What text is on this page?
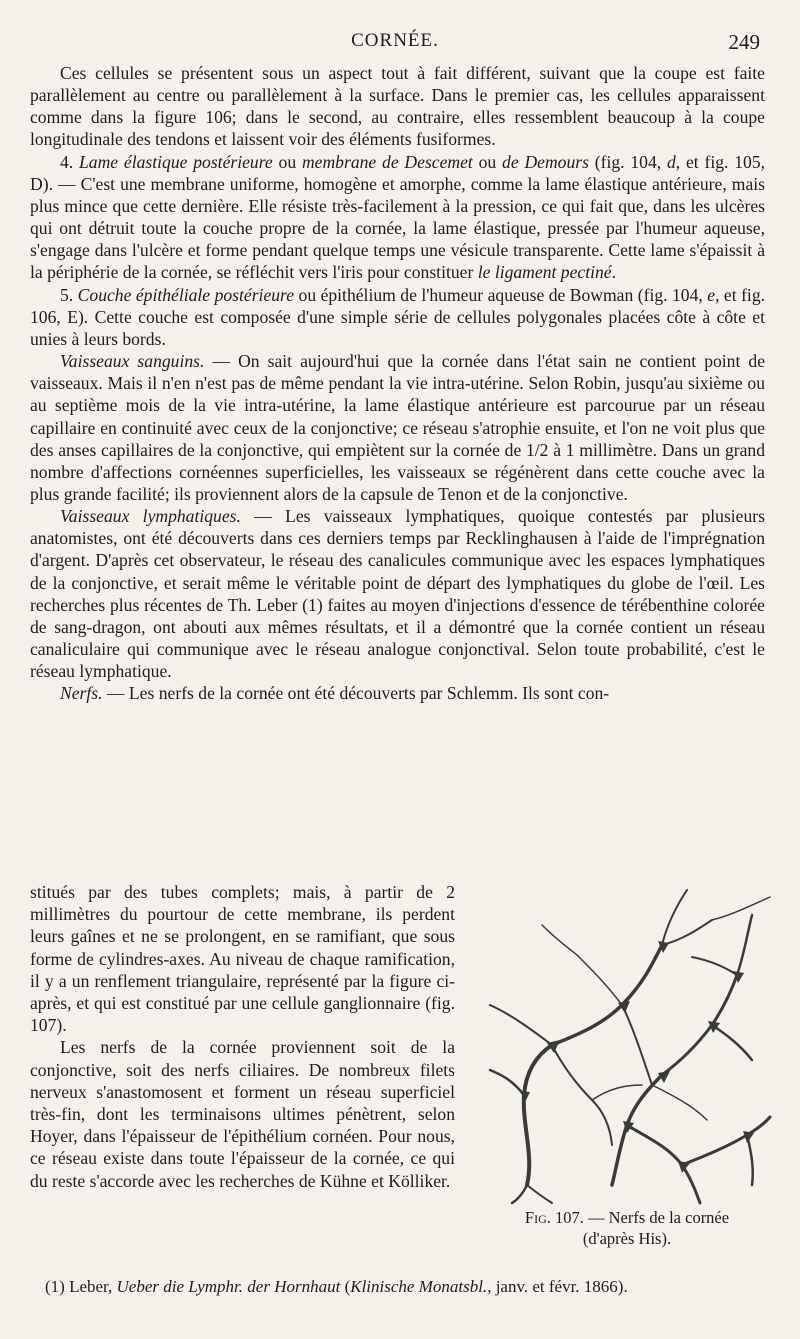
CORNÉE.	249

Ces cellules se présentent sous un aspect tout à fait différent, suivant que la coupe est faite parallèlement au centre ou parallèlement à la surface. Dans le premier cas, les cellules apparaissent comme dans la figure 106; dans le second, au contraire, elles ressemblent beaucoup à la coupe longitudinale des tendons et laissent voir des éléments fusiformes.

4. Lame élastique postérieure ou membrane de Descemet ou de Demours (fig. 104, d, et fig. 105, D). — C'est une membrane uniforme, homogène et amorphe, comme la lame élastique antérieure, mais plus mince que cette dernière. Elle résiste très-facilement à la pression, ce qui fait que, dans les ulcères qui ont détruit toute la couche propre de la cornée, la lame élastique, pressée par l'humeur aqueuse, s'engage dans l'ulcère et forme pendant quelque temps une vésicule transparente. Cette lame s'épaissit à la périphérie de la cornée, se réfléchit vers l'iris pour constituer le ligament pectiné.

5. Couche épithéliale postérieure ou épithélium de l'humeur aqueuse de Bowman (fig. 104, e, et fig. 106, E). Cette couche est composée d'une simple série de cellules polygonales placées côte à côte et unies à leurs bords.

Vaisseaux sanguins. — On sait aujourd'hui que la cornée dans l'état sain ne contient point de vaisseaux. Mais il n'en n'est pas de même pendant la vie intra-utérine. Selon Robin, jusqu'au sixième ou au septième mois de la vie intra-utérine, la lame élastique antérieure est parcourue par un réseau capillaire en continuité avec ceux de la conjonctive; ce réseau s'atrophie ensuite, et l'on ne voit plus que des anses capillaires de la conjonctive, qui empiètent sur la cornée de 1/2 à 1 millimètre. Dans un grand nombre d'affections cornéennes superficielles, les vaisseaux se régénèrent dans cette couche avec la plus grande facilité; ils proviennent alors de la capsule de Tenon et de la conjonctive.

Vaisseaux lymphatiques. — Les vaisseaux lymphatiques, quoique contestés par plusieurs anatomistes, ont été découverts dans ces derniers temps par Recklinghausen à l'aide de l'imprégnation d'argent. D'après cet observateur, le réseau des canalicules communique avec les espaces lymphatiques de la conjonctive, et serait même le véritable point de départ des lymphatiques du globe de l'œil. Les recherches plus récentes de Th. Leber (1) faites au moyen d'injections d'essence de térébenthine colorée de sang-dragon, ont abouti aux mêmes résultats, et il a démontré que la cornée contient un réseau canaliculaire qui communique avec le réseau analogue conjonctival. Selon toute probabilité, c'est le réseau lymphatique.

Nerfs. — Les nerfs de la cornée ont été découverts par Schlemm. Ils sont con-

stitués par des tubes complets; mais, à partir de 2 millimètres du pourtour de cette membrane, ils perdent leurs gaînes et ne se prolongent, en se ramifiant, que sous forme de cylindres-axes. Au niveau de chaque ramification, il y a un renflement triangulaire, représenté par la figure ci-après, et qui est constitué par une cellule ganglionnaire (fig. 107).

Les nerfs de la cornée proviennent soit de la conjonctive, soit des nerfs ciliaires. De nombreux filets nerveux s'anastomosent et forment un réseau superficiel très-fin, dont les terminaisons ultimes pénètrent, selon Hoyer, dans l'épaisseur de l'épithélium cornéen. Pour nous, ce réseau existe dans toute l'épaisseur de la cornée, ce qui du reste s'accorde avec les recherches de Kühne et Kölliker.

Fig. 107. — Nerfs de la cornée
(d'après His).
(1) Leber, Ueber die Lymphr. der Hornhaut (Klinische Monatsbl., janv. et févr. 1866).
